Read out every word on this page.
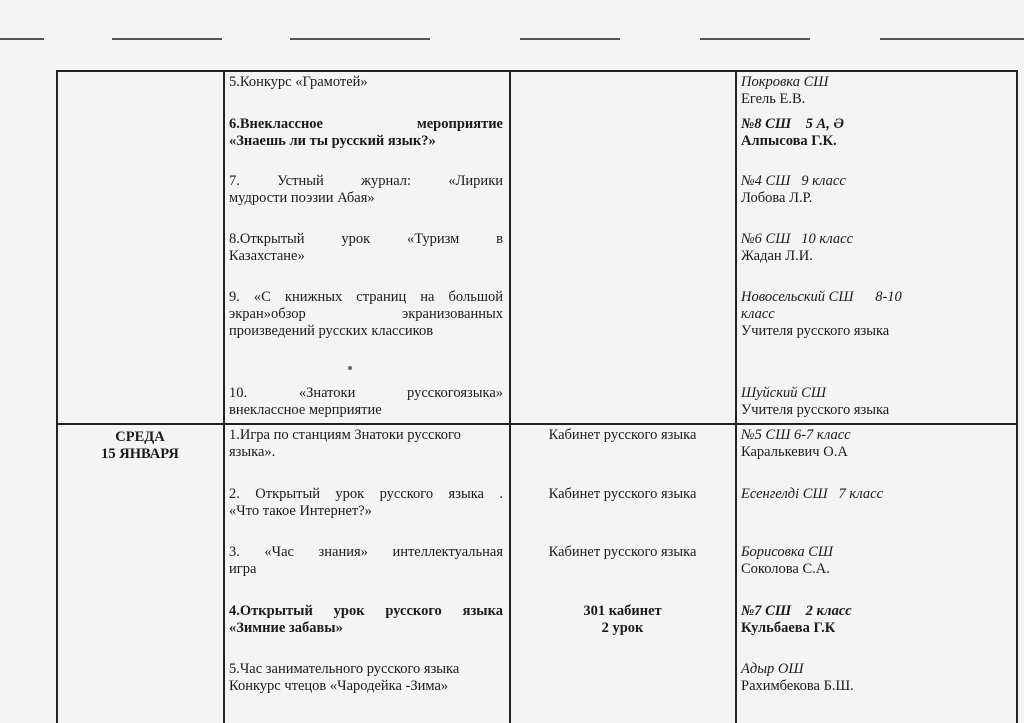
СРЕДА
15 ЯНВАРЯ
5.Конкурс «Грамотей»
6.Внеклассное мероприятие
«Знаешь ли ты русский язык?»
7. Устный журнал: «Лирики
мудрости поэзии Абая»
8.Открытый урок «Туризм в
Казахстане»
9. «С книжных страниц на большой
экран»обзор экранизованных
произведений русских классиков
10. «Знатоки русскогоязыка»
внеклассное мерприятие
1.Игра по станциям Знатоки русского
языка».
2. Открытый урок русского языка .
«Что такое Интернет?»
3. «Час знания» интеллектуальная
игра
4.Открытый урок русского языка
«Зимние забавы»
5.Час занимательного русского языка
Конкурс чтецов «Чародейка -Зима»
Кабинет русского языка
Кабинет русского языка
Кабинет русского языка
301 кабинет
2 урок
Покровка СШ
Егель Е.В.
№8 СШ    5 А, Ә
Алпысова Г.К.
№4 СШ   9 класс
Лобова Л.Р.
№6 СШ   10 класс
Жадан Л.И.
Новосельский СШ      8-10
класс
Учителя русского языка
Шуйский СШ
Учителя русского языка
№5 СШ 6-7 класс
Каралькевич О.А
Есенгелді СШ   7 класс
Борисовка СШ
Соколова С.А.
№7 СШ    2 класс
Кульбаева Г.К
Адыр ОШ
Рахимбекова Б.Ш.
